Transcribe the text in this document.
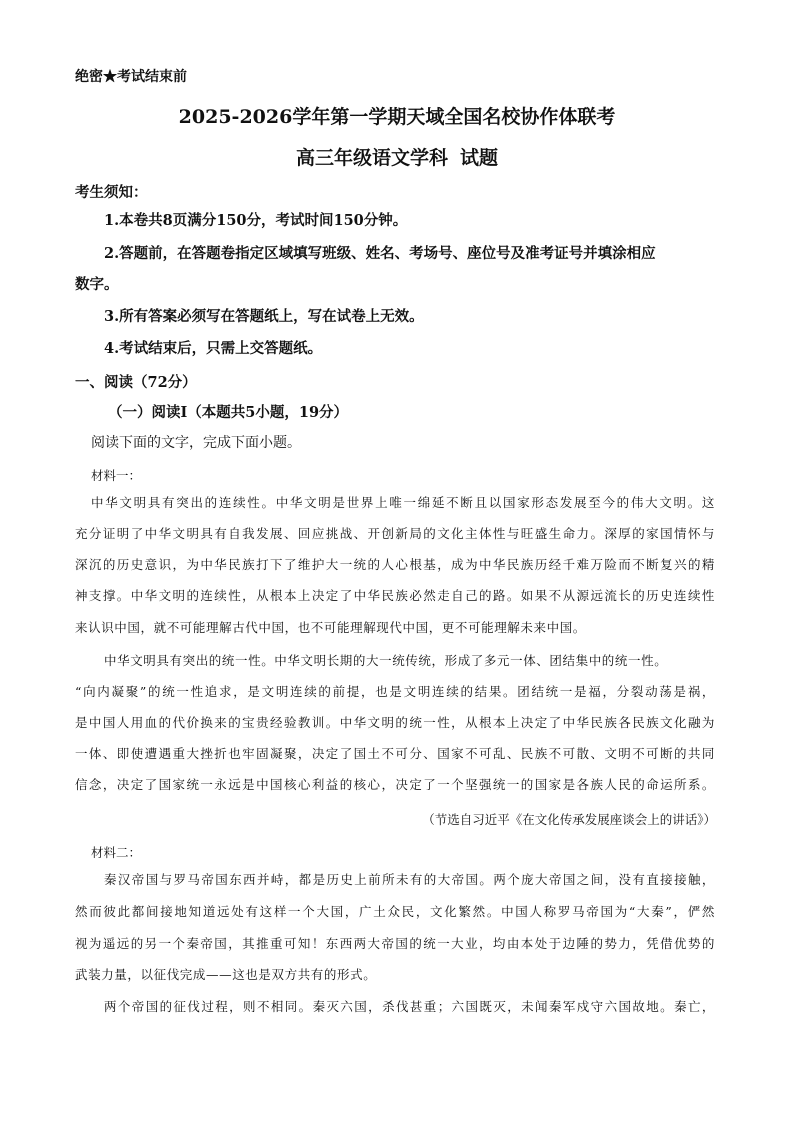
绝密★考试结束前
2025-2026学年第一学期天域全国名校协作体联考
高三年级语文学科 试题
考生须知：
1.本卷共8页满分150分，考试时间150分钟。
2.答题前，在答题卷指定区域填写班级、姓名、考场号、座位号及准考证号并填涂相应
数字。
3.所有答案必须写在答题纸上，写在试卷上无效。
4.考试结束后，只需上交答题纸。
一、阅读（72分）
（一）阅读Ⅰ（本题共5小题，19分）
阅读下面的文字，完成下面小题。
材料一：
中华文明具有突出的连续性。中华文明是世界上唯一绵延不断且以国家形态发展至今的伟大文明。这
充分证明了中华文明具有自我发展、回应挑战、开创新局的文化主体性与旺盛生命力。深厚的家国情怀与
深沉的历史意识，为中华民族打下了维护大一统的人心根基，成为中华民族历经千难万险而不断复兴的精
神支撑。中华文明的连续性，从根本上决定了中华民族必然走自己的路。如果不从源远流长的历史连续性
来认识中国，就不可能理解古代中国，也不可能理解现代中国，更不可能理解未来中国。
中华文明具有突出的统一性。中华文明长期的大一统传统，形成了多元一体、团结集中的统一性。
“向内凝聚”的统一性追求，是文明连续的前提，也是文明连续的结果。团结统一是福，分裂动荡是祸，
是中国人用血的代价换来的宝贵经验教训。中华文明的统一性，从根本上决定了中华民族各民族文化融为
一体、即使遭遇重大挫折也牢固凝聚，决定了国土不可分、国家不可乱、民族不可散、文明不可断的共同
信念，决定了国家统一永远是中国核心利益的核心，决定了一个坚强统一的国家是各族人民的命运所系。
（节选自习近平《在文化传承发展座谈会上的讲话》）
材料二：
秦汉帝国与罗马帝国东西并峙，都是历史上前所未有的大帝国。两个庞大帝国之间，没有直接接触，
然而彼此都间接地知道远处有这样一个大国，广土众民，文化繁然。中国人称罗马帝国为“大秦”，俨然
视为遥远的另一个秦帝国，其推重可知！东西两大帝国的统一大业，均由本处于边陲的势力，凭借优势的
武装力量，以征伐完成——这也是双方共有的形式。
两个帝国的征伐过程，则不相同。秦灭六国，杀伐甚重；六国既灭，未闻秦军戍守六国故地。秦亡，
